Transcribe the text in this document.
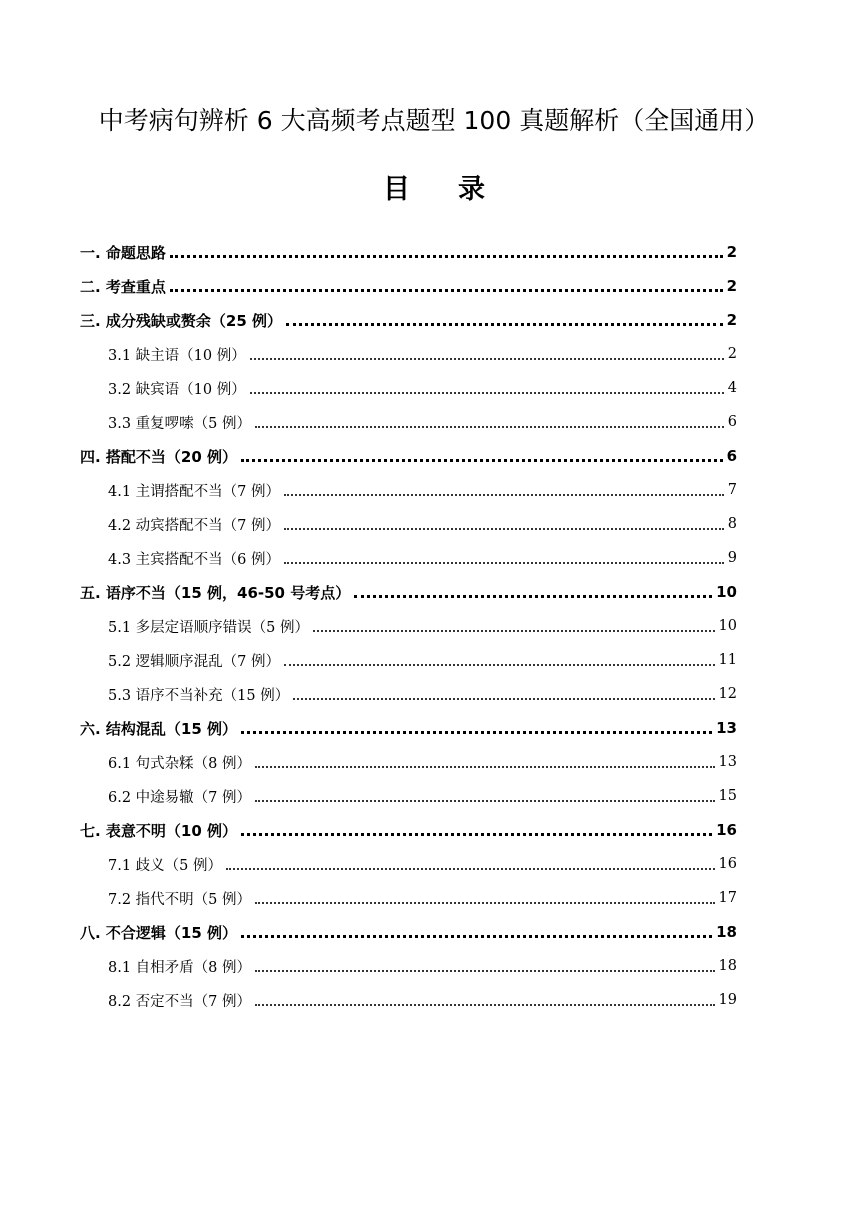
中考病句辨析 6 大高频考点题型 100 真题解析（全国通用）
目 录
一. 命题思路	2
二. 考查重点	2
三. 成分残缺或赘余（25 例）	2
3.1 缺主语（10 例）	2
3.2 缺宾语（10 例）	4
3.3 重复啰嗦（5 例）	6
四. 搭配不当（20 例）	6
4.1 主谓搭配不当（7 例）	7
4.2 动宾搭配不当（7 例）	8
4.3 主宾搭配不当（6 例）	9
五. 语序不当（15 例，46-50 号考点）	10
5.1 多层定语顺序错误（5 例）	10
5.2 逻辑顺序混乱（7 例）	11
5.3 语序不当补充（15 例）	12
六. 结构混乱（15 例）	13
6.1 句式杂糅（8 例）	13
6.2 中途易辙（7 例）	15
七. 表意不明（10 例）	16
7.1 歧义（5 例）	16
7.2 指代不明（5 例）	17
八. 不合逻辑（15 例）	18
8.1 自相矛盾（8 例）	18
8.2 否定不当（7 例）	19
